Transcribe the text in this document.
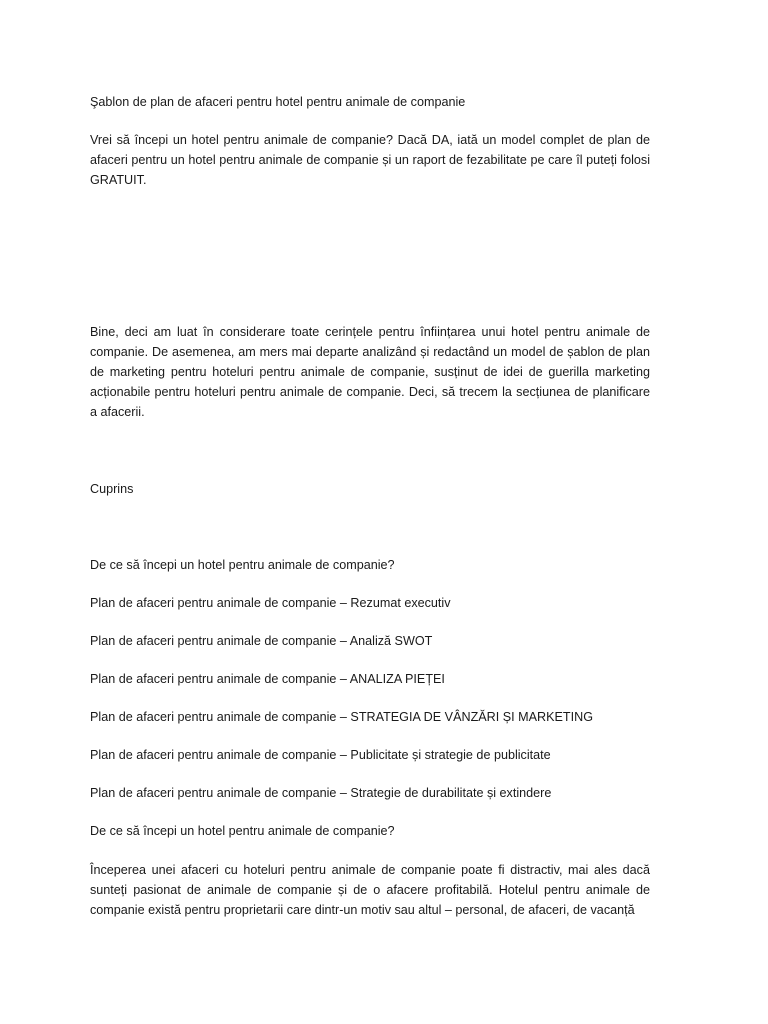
Şablon de plan de afaceri pentru hotel pentru animale de companie

Vrei să începi un hotel pentru animale de companie? Dacă DA, iată un model complet de plan de afaceri pentru un hotel pentru animale de companie și un raport de fezabilitate pe care îl puteți folosi GRATUIT.

Bine, deci am luat în considerare toate cerințele pentru înființarea unui hotel pentru animale de companie. De asemenea, am mers mai departe analizând și redactând un model de șablon de plan de marketing pentru hoteluri pentru animale de companie, susținut de idei de guerilla marketing acționabile pentru hoteluri pentru animale de companie. Deci, să trecem la secțiunea de planificare a afacerii.

Cuprins

De ce să începi un hotel pentru animale de companie?

Plan de afaceri pentru animale de companie – Rezumat executiv

Plan de afaceri pentru animale de companie – Analiză SWOT

Plan de afaceri pentru animale de companie – ANALIZA PIEȚEI

Plan de afaceri pentru animale de companie – STRATEGIA DE VÂNZĂRI ȘI MARKETING

Plan de afaceri pentru animale de companie – Publicitate și strategie de publicitate

Plan de afaceri pentru animale de companie – Strategie de durabilitate și extindere

De ce să începi un hotel pentru animale de companie?

Începerea unei afaceri cu hoteluri pentru animale de companie poate fi distractiv, mai ales dacă sunteți pasionat de animale de companie și de o afacere profitabilă. Hotelul pentru animale de companie există pentru proprietarii care dintr-un motiv sau altul – personal, de afaceri, de vacanță
